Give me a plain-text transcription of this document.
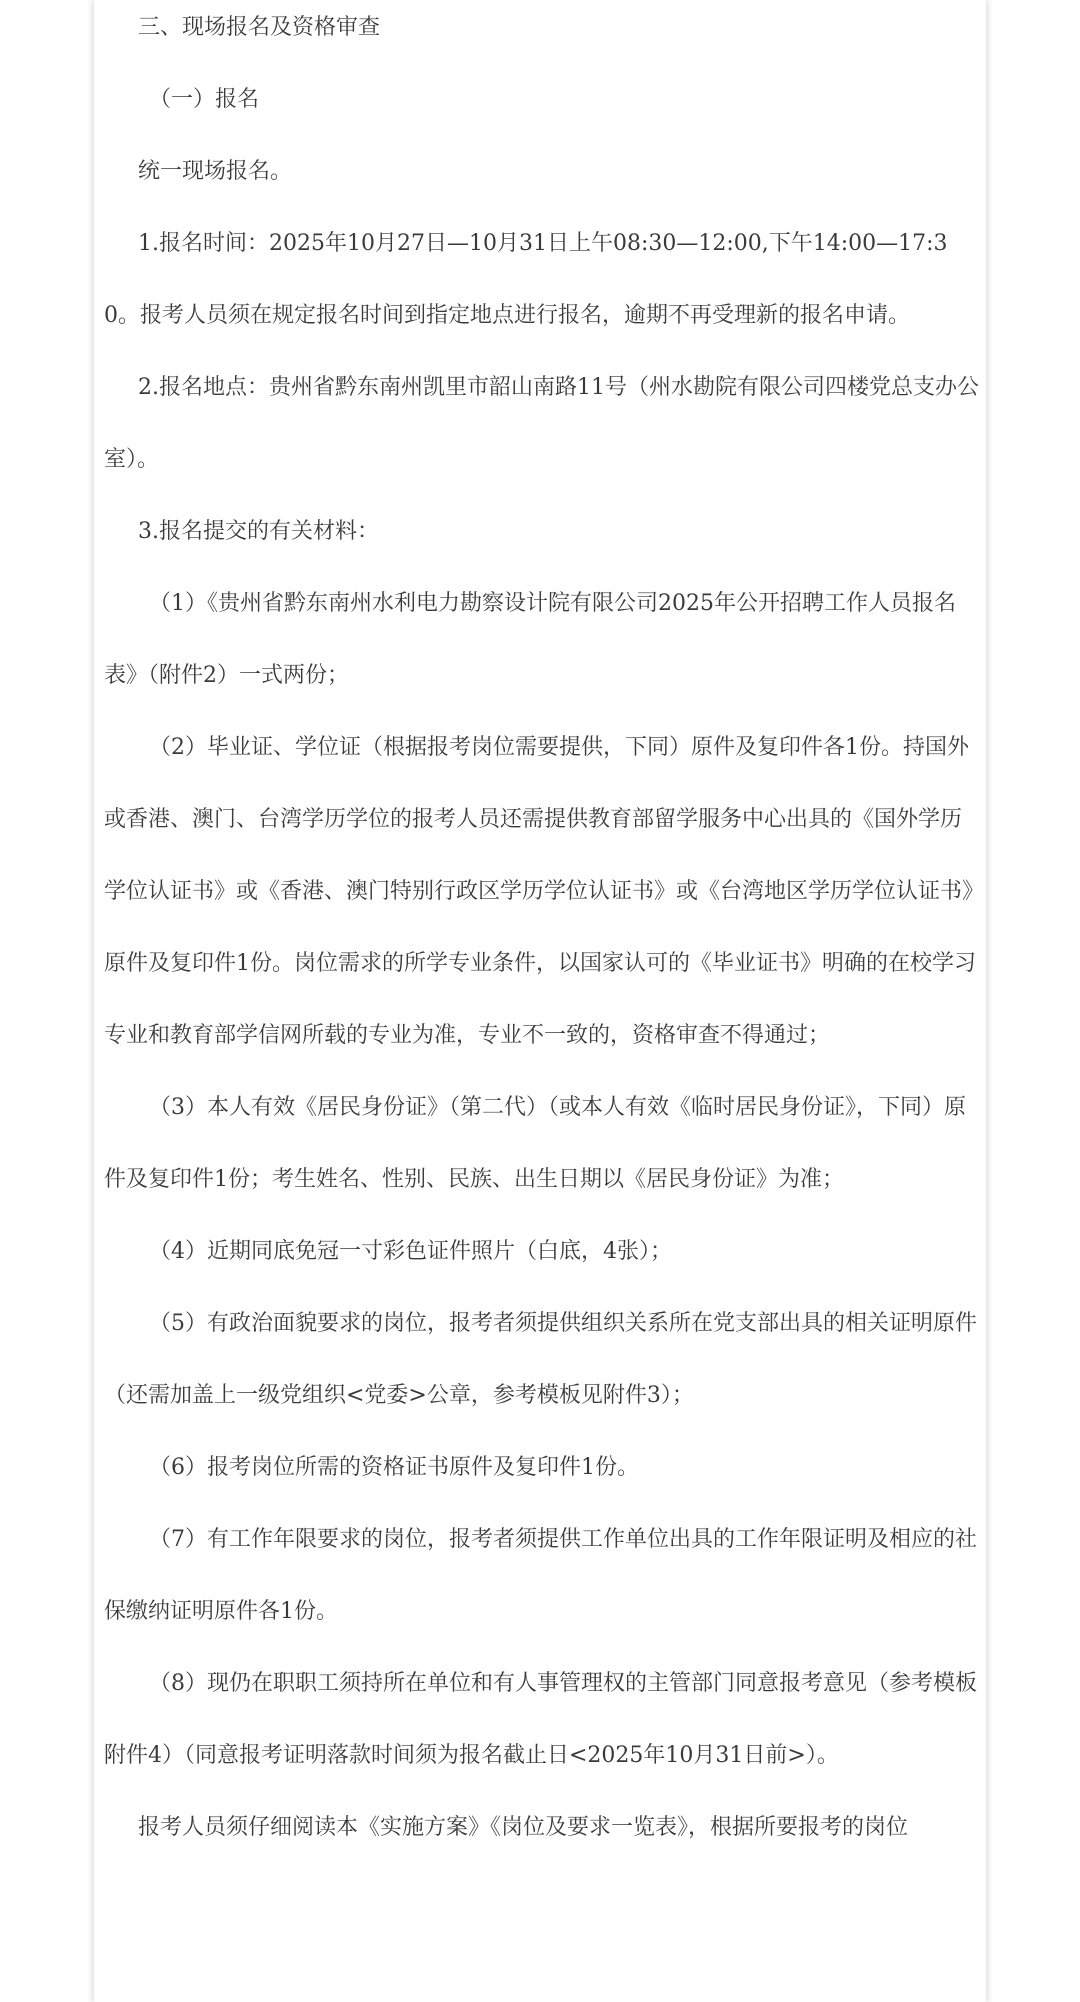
三、现场报名及资格审查

（一）报名

统一现场报名。

1.报名时间：2025年10月27日—10月31日上午08:30—12:00,下午14:00—17:30。报考人员须在规定报名时间到指定地点进行报名，逾期不再受理新的报名申请。

2.报名地点：贵州省黔东南州凯里市韶山南路11号（州水勘院有限公司四楼党总支办公室）。

3.报名提交的有关材料：

（1）《贵州省黔东南州水利电力勘察设计院有限公司2025年公开招聘工作人员报名表》（附件2）一式两份；

（2）毕业证、学位证（根据报考岗位需要提供，下同）原件及复印件各1份。持国外或香港、澳门、台湾学历学位的报考人员还需提供教育部留学服务中心出具的《国外学历学位认证书》或《香港、澳门特别行政区学历学位认证书》或《台湾地区学历学位认证书》原件及复印件1份。岗位需求的所学专业条件，以国家认可的《毕业证书》明确的在校学习专业和教育部学信网所载的专业为准，专业不一致的，资格审查不得通过；

（3）本人有效《居民身份证》（第二代）（或本人有效《临时居民身份证》，下同）原件及复印件1份；考生姓名、性别、民族、出生日期以《居民身份证》为准；

（4）近期同底免冠一寸彩色证件照片（白底，4张）；

（5）有政治面貌要求的岗位，报考者须提供组织关系所在党支部出具的相关证明原件（还需加盖上一级党组织<党委>公章，参考模板见附件3）；

（6）报考岗位所需的资格证书原件及复印件1份。

（7）有工作年限要求的岗位，报考者须提供工作单位出具的工作年限证明及相应的社保缴纳证明原件各1份。

（8）现仍在职职工须持所在单位和有人事管理权的主管部门同意报考意见（参考模板附件4）（同意报考证明落款时间须为报名截止日<2025年10月31日前>）。

报考人员须仔细阅读本《实施方案》《岗位及要求一览表》，根据所要报考的岗位
